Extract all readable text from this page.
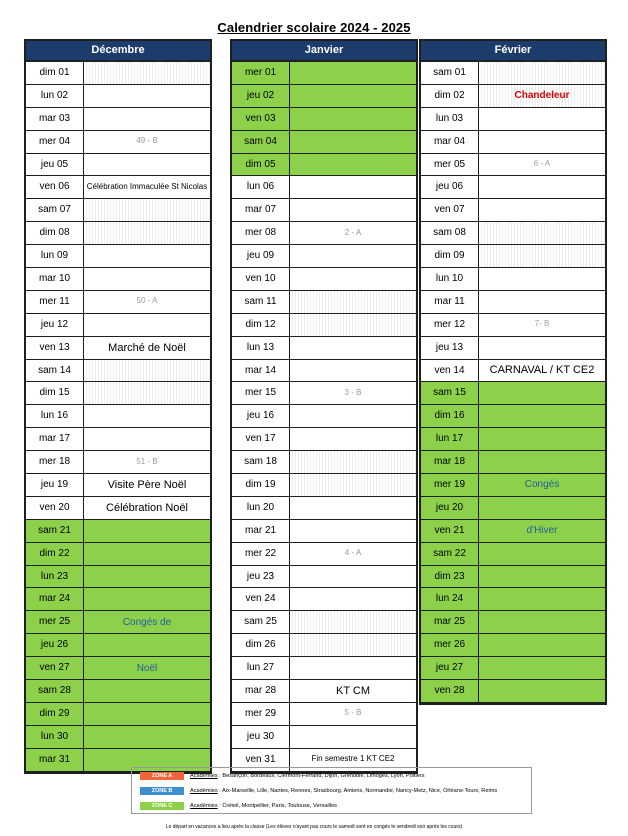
Calendrier scolaire 2024 - 2025
Décembre
dim 01
lun 02
mar 03
mer 04	49 - B
jeu 05
ven 06	Célébration Immaculée St Nicolas
sam 07
dim 08
lun 09
mar 10
mer 11	50 - A
jeu 12
ven 13	Marché de Noël
sam 14
dim 15
lun 16
mar 17
mer 18	51 - B
jeu 19	Visite Père Noël
ven 20	Célébration Noël
sam 21
dim 22
lun 23
mar 24
mer 25	Congés de
jeu 26
ven 27	Noël
sam 28
dim 29
lun 30
mar 31
Janvier
mer 01
jeu 02
ven 03
sam 04
dim 05
lun 06
mar 07
mer 08	2 - A
jeu 09
ven 10
sam 11
dim 12
lun 13
mar 14
mer 15	3 - B
jeu 16
ven 17
sam 18
dim 19
lun 20
mar 21
mer 22	4 - A
jeu 23
ven 24
sam 25
dim 26
lun 27
mar 28	KT CM
mer 29	5 - B
jeu 30
ven 31	Fin semestre 1 KT CE2
Février
sam 01
dim 02	Chandeleur
lun 03
mar 04
mer 05	6 - A
jeu 06
ven 07
sam 08
dim 09
lun 10
mar 11
mer 12	7- B
jeu 13
ven 14	CARNAVAL / KT CE2
sam 15
dim 16
lun 17
mar 18
mer 19	Congés
jeu 20
ven 21	d'Hiver
sam 22
dim 23
lun 24
mar 25
mer 26
jeu 27
ven 28
ZONE A	Académies : Besançon, Bordeaux, Clermont-Ferrand, Dijon, Grenoble, Limoges, Lyon, Poitiers
ZONE B	Académies : Aix-Marseille, Lille, Nantes, Rennes, Strasbourg, Amiens, Normandie, Nancy-Metz, Nice, Orléans-Tours, Reims
ZONE C	Académies : Créteil, Montpellier, Paris, Toulouse, Versailles
Le départ en vacances a lieu après la classe (Les élèves n'ayant pas cours le samedi sont en congés le vendredi soir après les cours)
